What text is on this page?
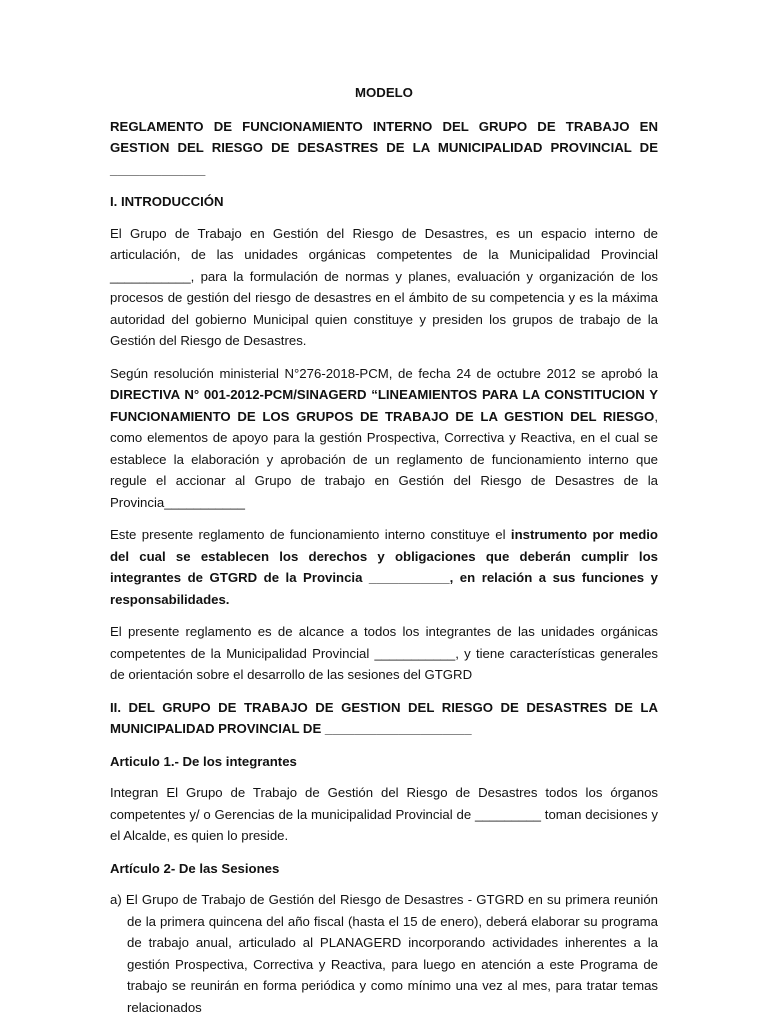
MODELO

REGLAMENTO DE FUNCIONAMIENTO INTERNO DEL GRUPO DE TRABAJO EN GESTION DEL RIESGO DE DESASTRES DE LA MUNICIPALIDAD PROVINCIAL DE _____________

I. INTRODUCCIÓN

El Grupo de Trabajo en Gestión del Riesgo de Desastres, es un espacio interno de articulación, de las unidades orgánicas competentes de la Municipalidad Provincial ___________, para la formulación de normas y planes, evaluación y organización de los procesos de gestión del riesgo de desastres en el ámbito de su competencia y es la máxima autoridad del gobierno Municipal quien constituye y presiden los grupos de trabajo de la Gestión del Riesgo de Desastres.

Según resolución ministerial N°276-2018-PCM, de fecha 24 de octubre 2012 se aprobó la DIRECTIVA N° 001-2012-PCM/SINAGERD “LINEAMIENTOS PARA LA CONSTITUCION Y FUNCIONAMIENTO DE LOS GRUPOS DE TRABAJO DE LA GESTION DEL RIESGO, como elementos de apoyo para la gestión Prospectiva, Correctiva y Reactiva, en el cual se establece la elaboración y aprobación de un reglamento de funcionamiento interno que regule el accionar al Grupo de trabajo en Gestión del Riesgo de Desastres de la Provincia___________

Este presente reglamento de funcionamiento interno constituye el instrumento por medio del cual se establecen los derechos y obligaciones que deberán cumplir los integrantes de GTGRD de la Provincia ___________, en relación a sus funciones y responsabilidades.

El presente reglamento es de alcance a todos los integrantes de las unidades orgánicas competentes de la Municipalidad Provincial ___________, y tiene características generales de orientación sobre el desarrollo de las sesiones del GTGRD

II. DEL GRUPO DE TRABAJO DE GESTION DEL RIESGO DE DESASTRES DE LA MUNICIPALIDAD PROVINCIAL DE ____________________

Articulo 1.- De los integrantes

Integran El Grupo de Trabajo de Gestión del Riesgo de Desastres todos los órganos competentes y/ o Gerencias de la municipalidad Provincial de _________ toman decisiones y el Alcalde, es quien lo preside.

Artículo 2- De las Sesiones

a) El Grupo de Trabajo de Gestión del Riesgo de Desastres - GTGRD en su primera reunión de la primera quincena del año fiscal (hasta el 15 de enero), deberá elaborar su programa de trabajo anual, articulado al PLANAGERD incorporando actividades inherentes a la gestión Prospectiva, Correctiva y Reactiva, para luego en atención a este Programa de trabajo se reunirán en forma periódica y como mínimo una vez al mes, para tratar temas relacionados
